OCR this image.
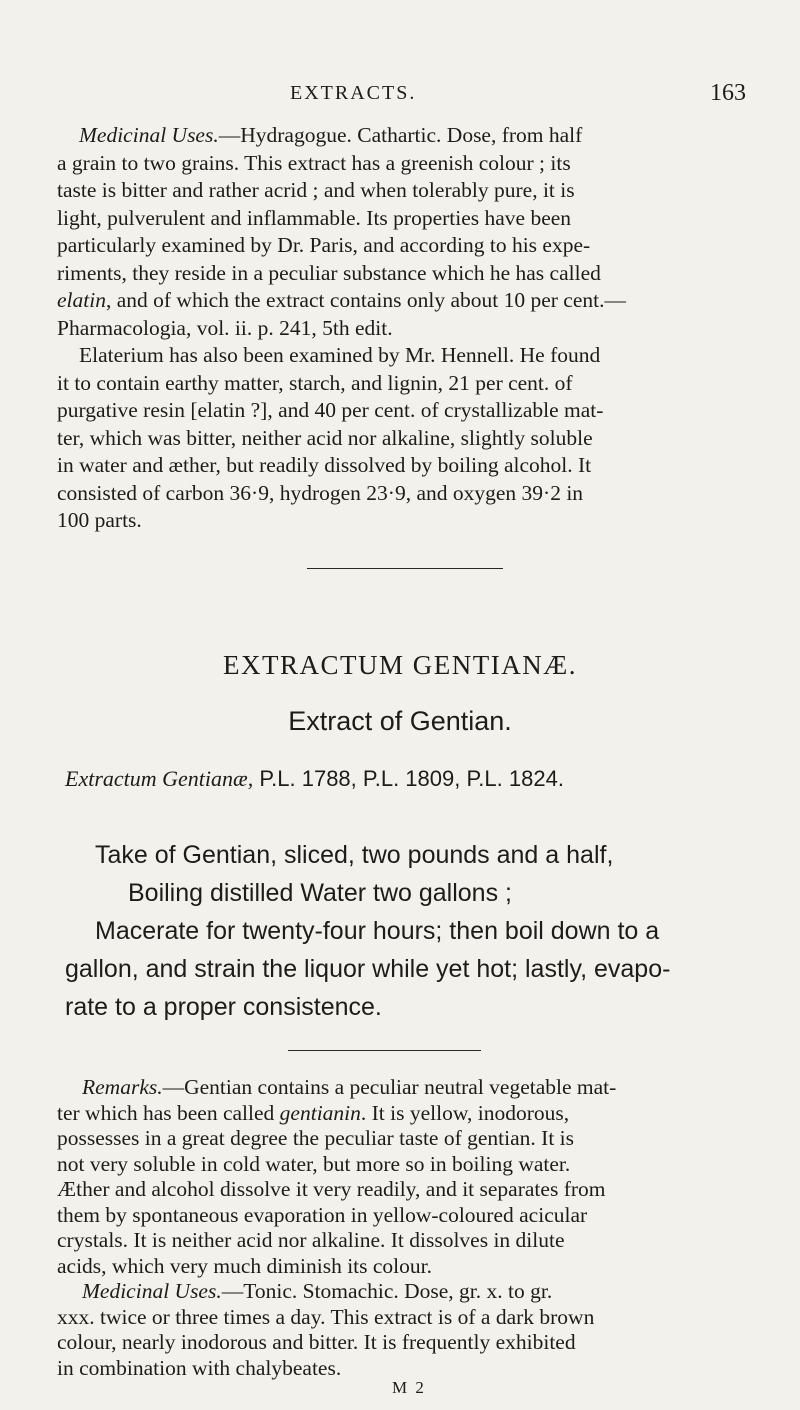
EXTRACTS.	163
Medicinal Uses.—Hydragogue. Cathartic. Dose, from half
a grain to two grains. This extract has a greenish colour ; its
taste is bitter and rather acrid ; and when tolerably pure, it is
light, pulverulent and inflammable. Its properties have been
particularly examined by Dr. Paris, and according to his expe-
riments, they reside in a peculiar substance which he has called
elatin, and of which the extract contains only about 10 per cent.—
Pharmacologia, vol. ii. p. 241, 5th edit.
Elaterium has also been examined by Mr. Hennell. He found
it to contain earthy matter, starch, and lignin, 21 per cent. of
purgative resin [elatin ?], and 40 per cent. of crystallizable mat-
ter, which was bitter, neither acid nor alkaline, slightly soluble
in water and æther, but readily dissolved by boiling alcohol. It
consisted of carbon 36·9, hydrogen 23·9, and oxygen 39·2 in
100 parts.
EXTRACTUM GENTIANÆ.
Extract of Gentian.
Extractum Gentianæ, P.L. 1788, P.L. 1809, P.L. 1824.
Take of Gentian, sliced, two pounds and a half,
Boiling distilled Water two gallons ;
Macerate for twenty-four hours; then boil down to a
gallon, and strain the liquor while yet hot; lastly, evapo-
rate to a proper consistence.
Remarks.—Gentian contains a peculiar neutral vegetable mat-
ter which has been called gentianin. It is yellow, inodorous,
possesses in a great degree the peculiar taste of gentian. It is
not very soluble in cold water, but more so in boiling water.
Æther and alcohol dissolve it very readily, and it separates from
them by spontaneous evaporation in yellow-coloured acicular
crystals. It is neither acid nor alkaline. It dissolves in dilute
acids, which very much diminish its colour.
Medicinal Uses.—Tonic. Stomachic. Dose, gr. x. to gr.
xxx. twice or three times a day. This extract is of a dark brown
colour, nearly inodorous and bitter. It is frequently exhibited
in combination with chalybeates.
M 2
